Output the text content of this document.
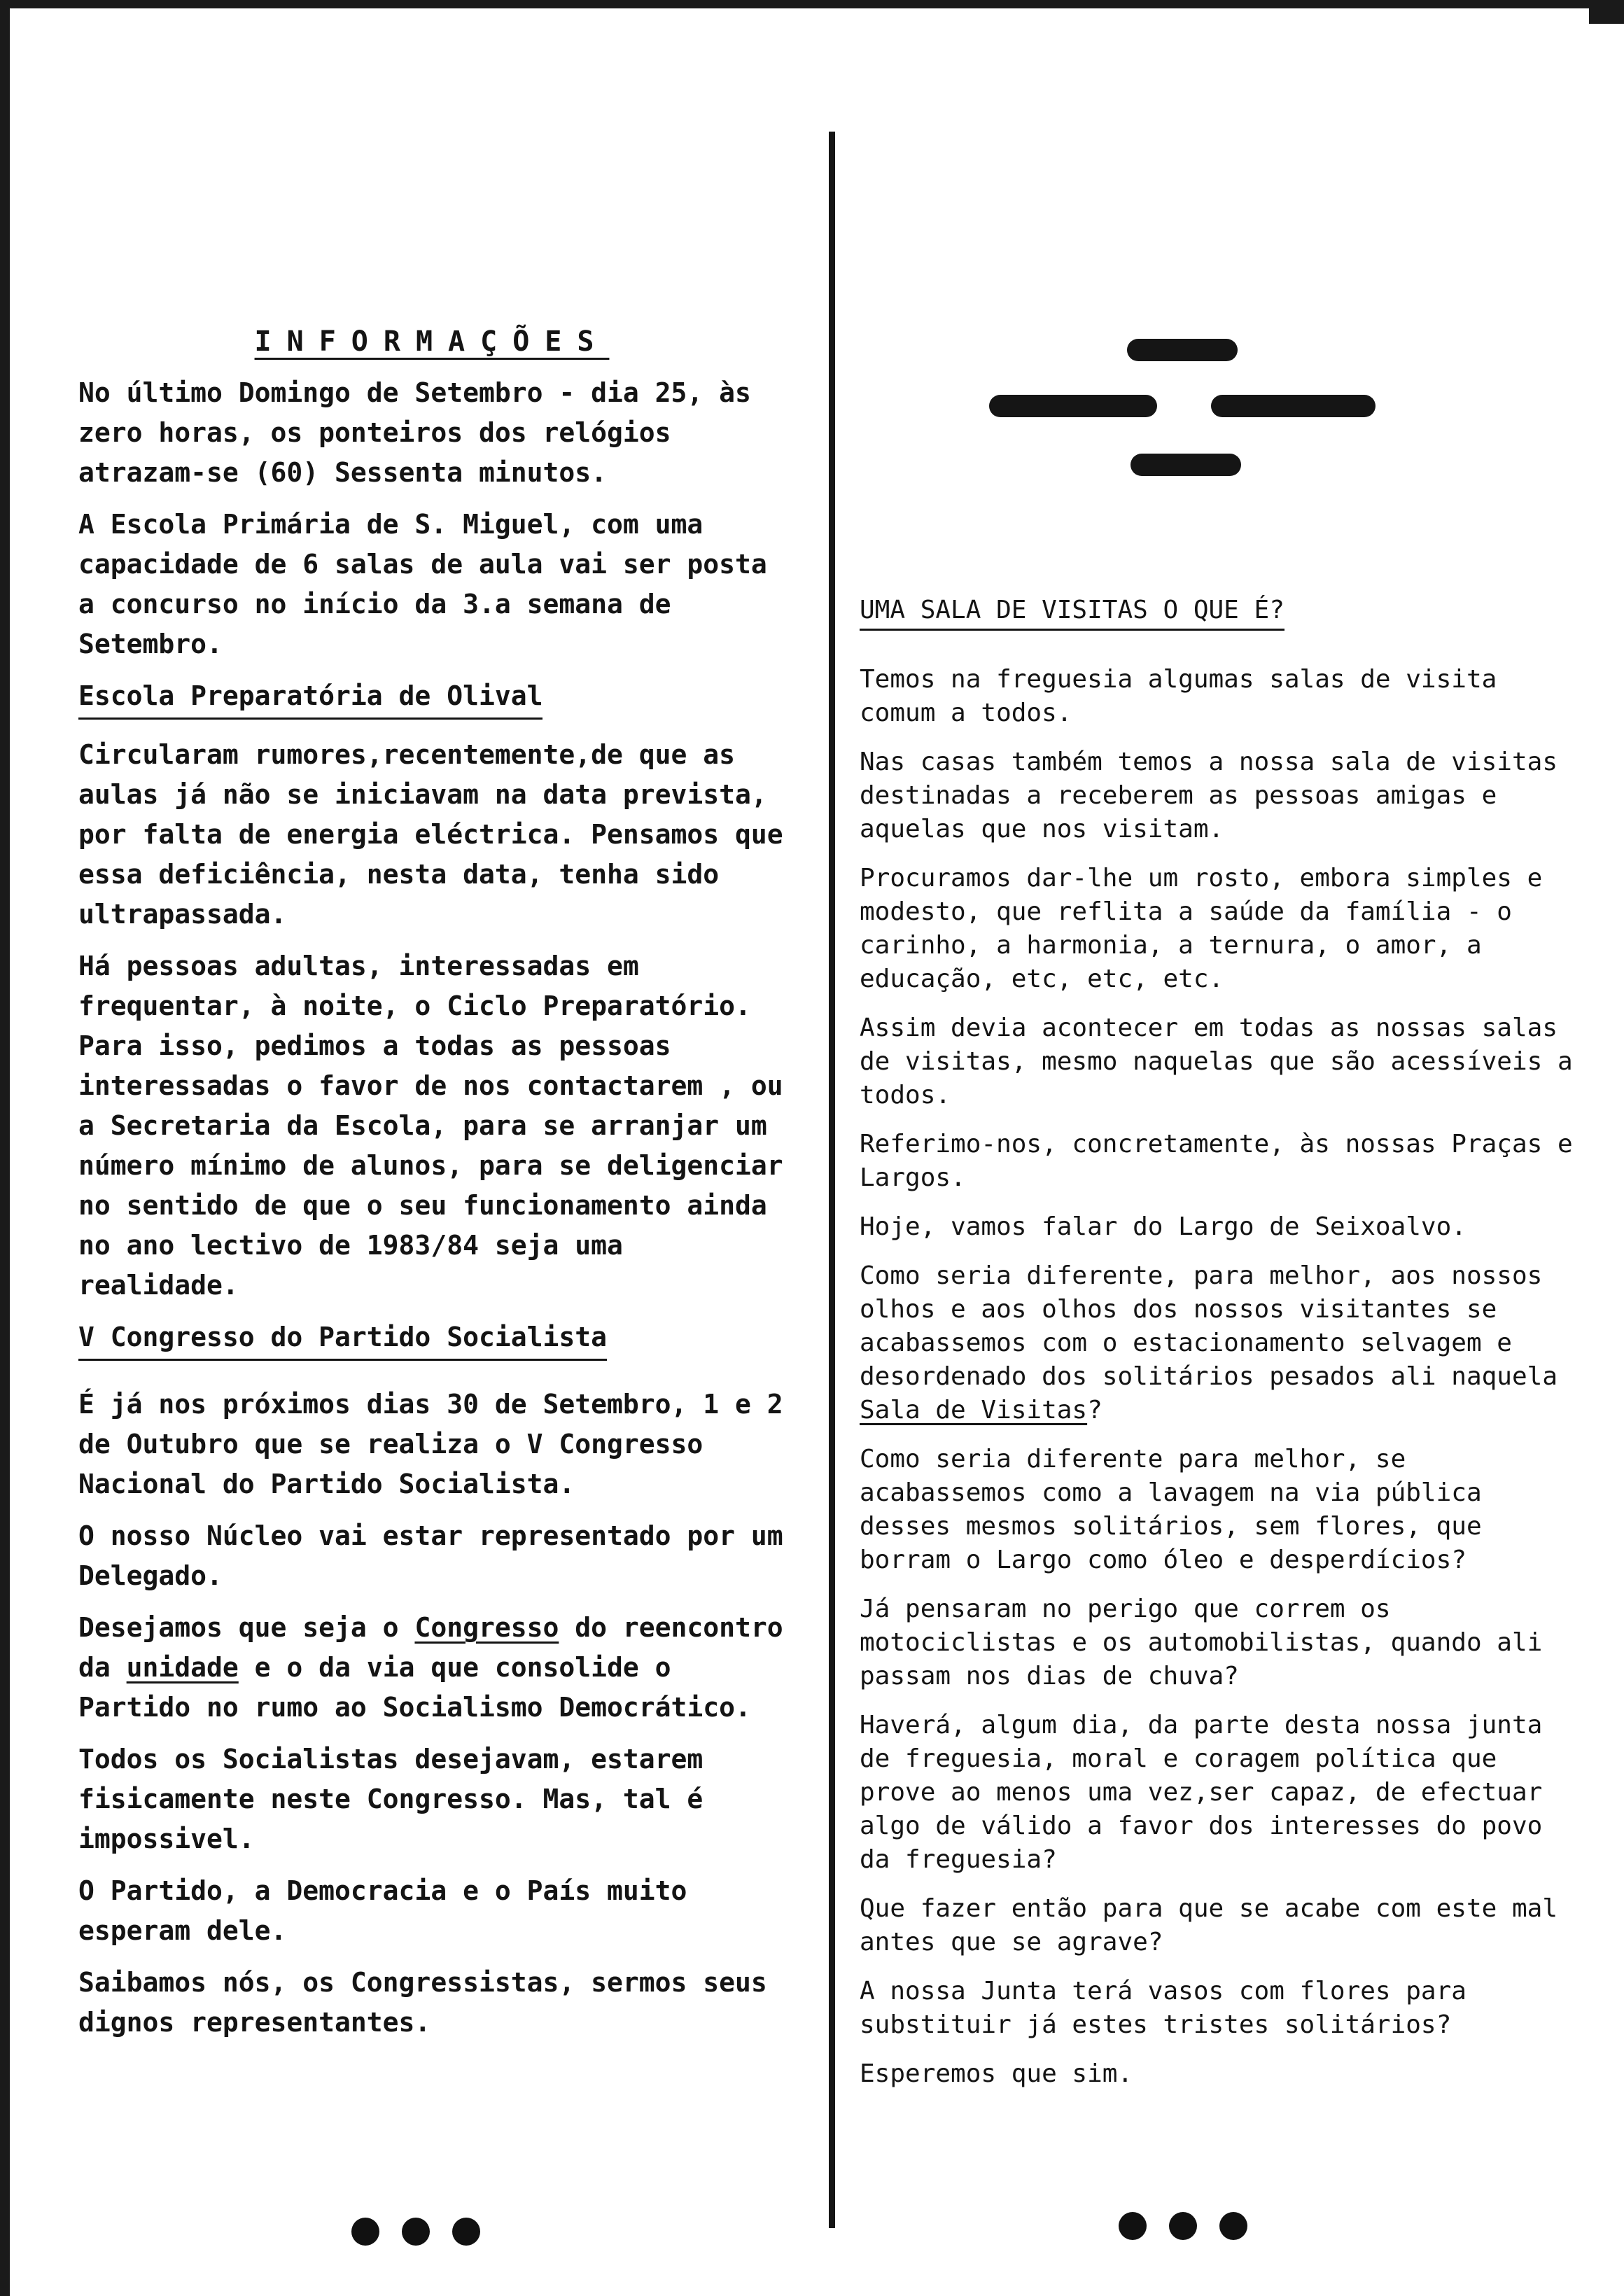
INFORMAÇÕES

No último Domingo de Setembro - dia 25, às zero horas, os ponteiros dos relógios atrazam-se (60) Sessenta minutos.

A Escola Primária de S. Miguel, com uma capacidade de 6 salas de aula vai ser posta a concurso no início da 3.a semana de Setembro.

Escola Preparatória de Olival

Circularam rumores,recentemente,de que as aulas já não se iniciavam na data prevista, por falta de energia eléctrica. Pensamos que essa deficiência, nesta data, tenha sido ultrapassada.

Há pessoas adultas, interessadas em frequentar, à noite, o Ciclo Preparatório. Para isso, pedimos a todas as pessoas interessadas o favor de nos contactarem , ou a Secretaria da Escola, para se arranjar um número mínimo de alunos, para se deligenciar no sentido de que o seu funcionamento ainda no ano lectivo de 1983/84 seja uma realidade.

V Congresso do Partido Socialista

É já nos próximos dias 30 de Setembro, 1 e 2 de Outubro que se realiza o V Congresso Nacional do Partido Socialista.

O nosso Núcleo vai estar representado por um Delegado.

Desejamos que seja o Congresso do reencontro da unidade e o da via que consolide o Partido no rumo ao Socialismo Democrático.

Todos os Socialistas desejavam, estarem fisicamente neste Congresso. Mas, tal é impossivel.

O Partido, a Democracia e o País muito esperam dele.

Saibamos nós, os Congressistas, sermos seus dignos representantes.

UMA SALA DE VISITAS O QUE É?

Temos na freguesia algumas salas de visita comum a todos.

Nas casas também temos a nossa sala de visitas destinadas a receberem as pessoas amigas e aquelas que nos visitam.

Procuramos dar-lhe um rosto, embora simples e modesto, que reflita a saúde da família - o carinho, a harmonia, a ternura, o amor, a educação, etc, etc, etc.

Assim devia acontecer em todas as nossas salas de visitas, mesmo naquelas que são acessíveis a todos.

Referimo-nos, concretamente, às nossas Praças e Largos.

Hoje, vamos falar do Largo de Seixoalvo.

Como seria diferente, para melhor, aos nossos olhos e aos olhos dos nossos visitantes se acabassemos com o estacionamento selvagem e desordenado dos solitários pesados ali naquela Sala de Visitas?

Como seria diferente para melhor, se acabassemos como a lavagem na via pública desses mesmos solitários, sem flores, que borram o Largo como óleo e desperdícios?

Já pensaram no perigo que correm os motociclistas e os automobilistas, quando ali passam nos dias de chuva?

Haverá, algum dia, da parte desta nossa junta de freguesia, moral e coragem política que prove ao menos uma vez,ser capaz, de efectuar algo de válido a favor dos interesses do povo da freguesia?

Que fazer então para que se acabe com este mal antes que se agrave?

A nossa Junta terá vasos com flores para substituir já estes tristes solitários?

Esperemos que sim.
